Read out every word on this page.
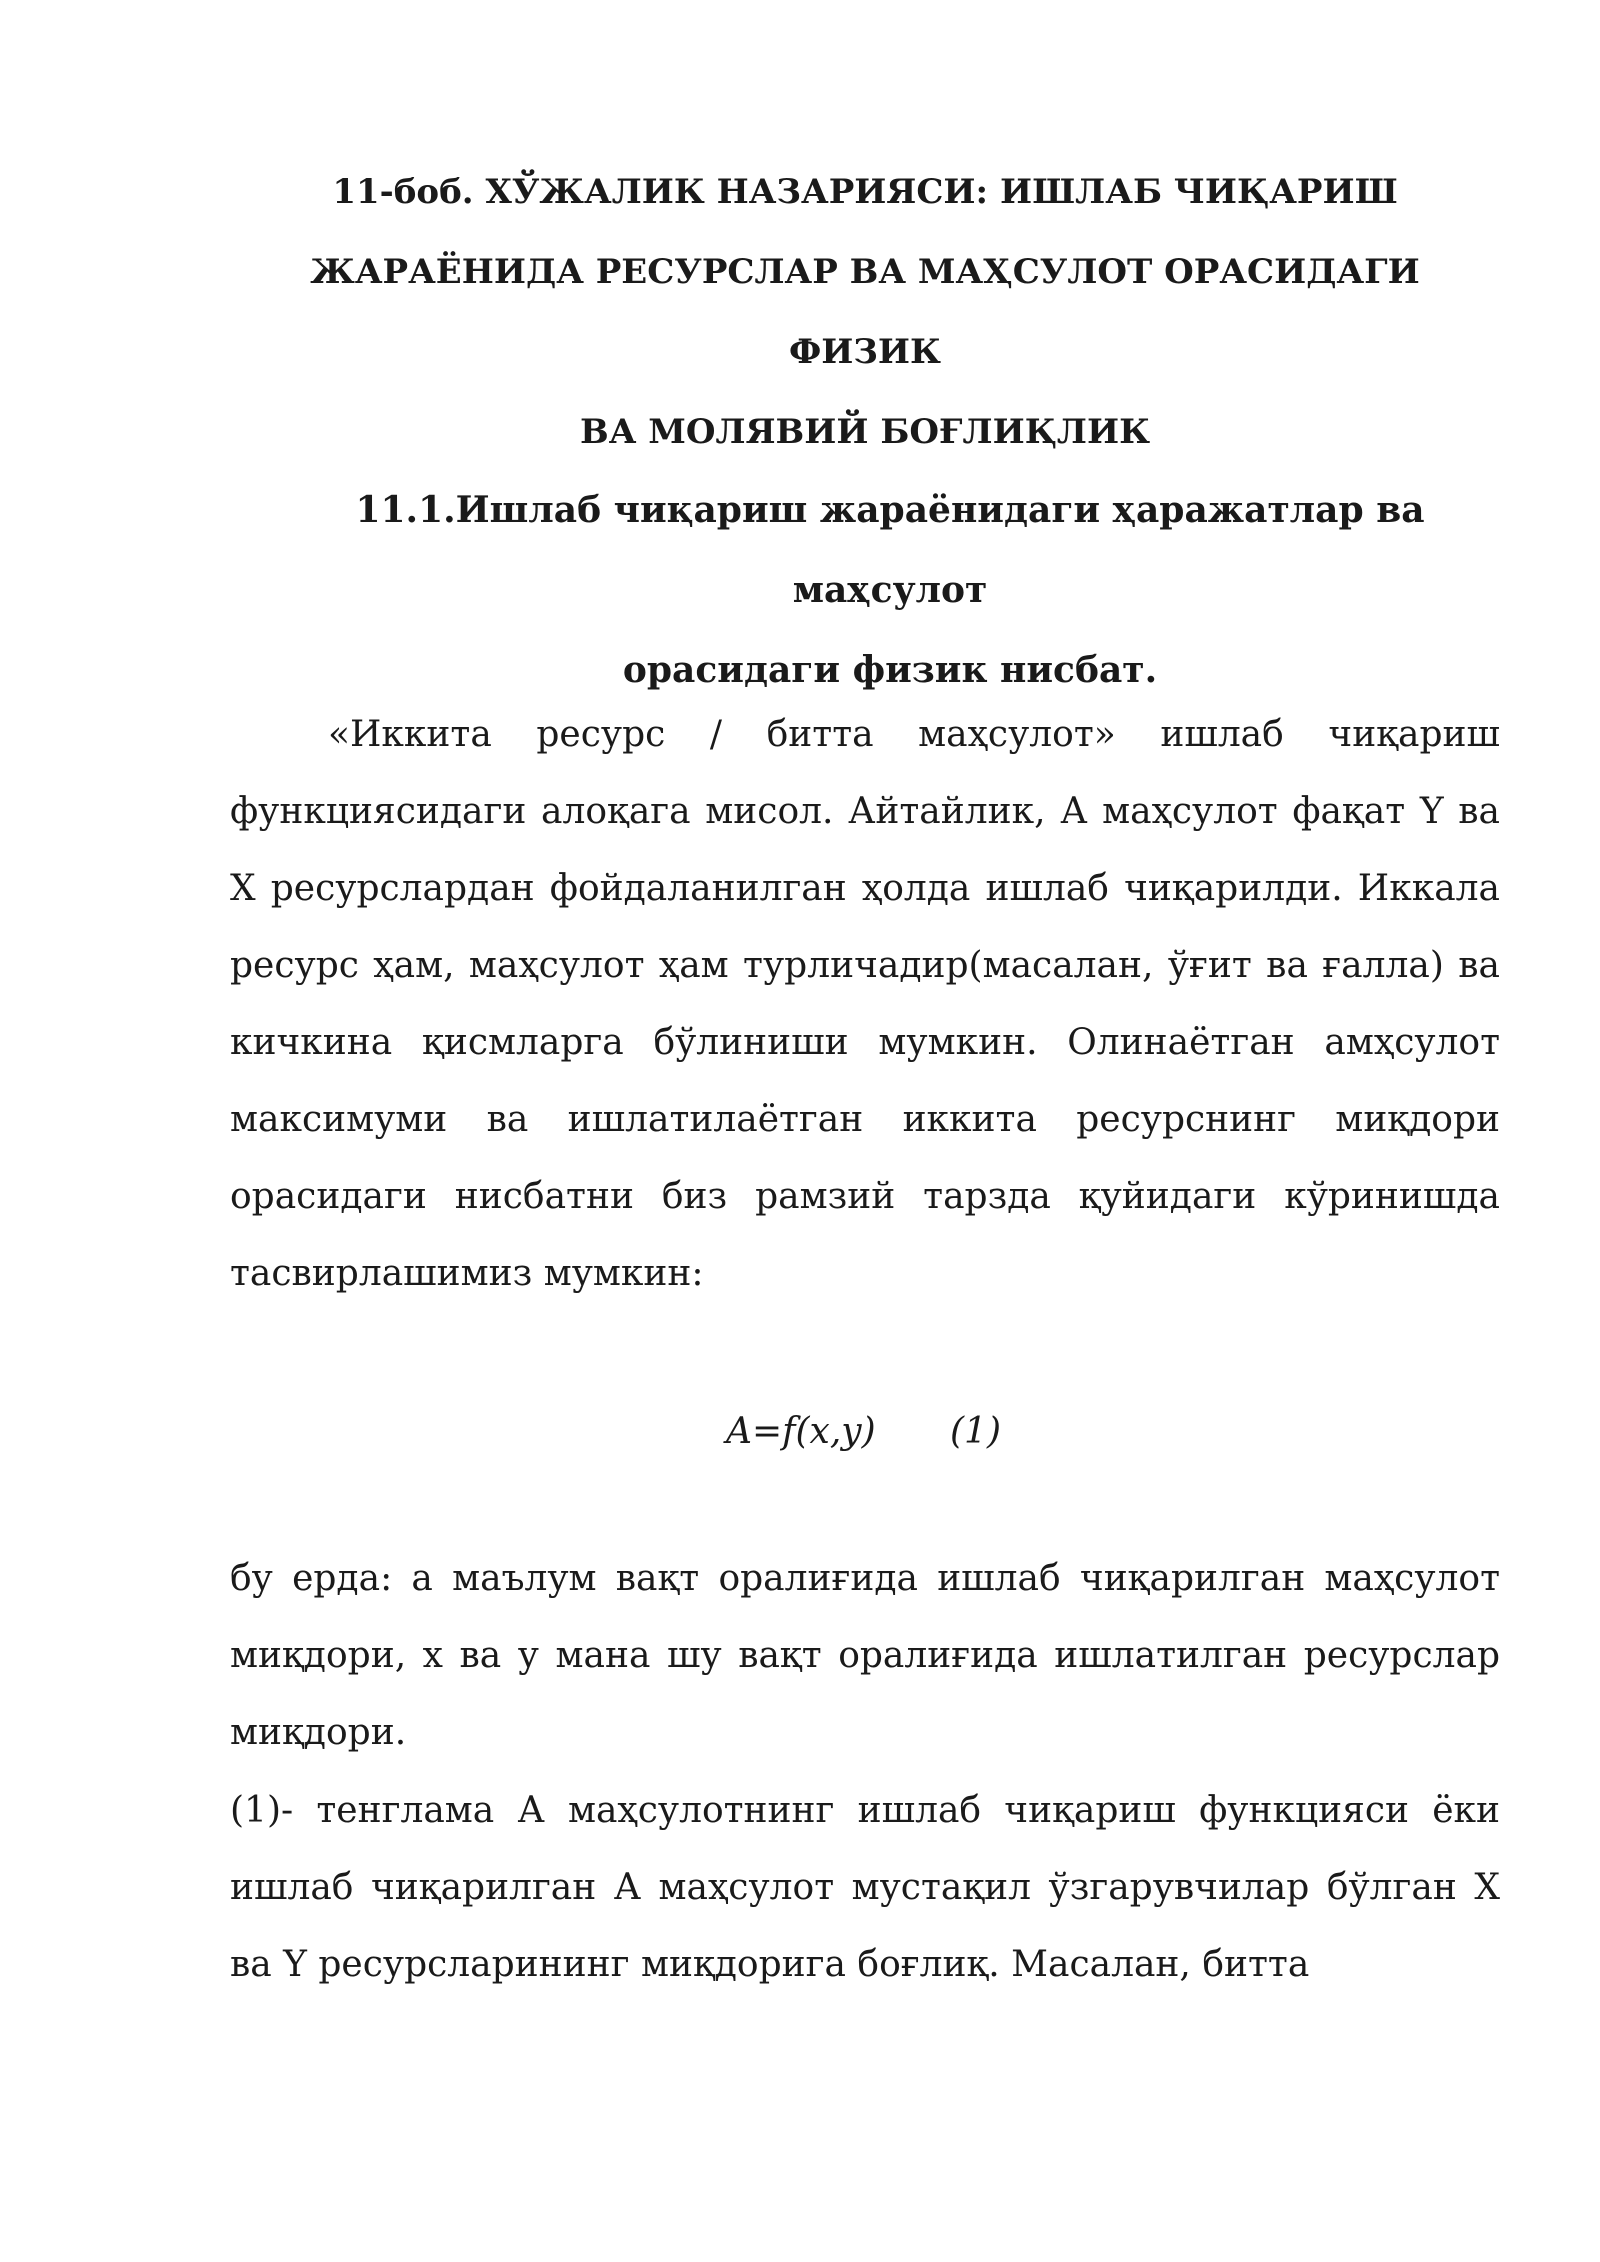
11-боб. ХЎЖАЛИК НАЗАРИЯСИ: ИШЛАБ ЧИҚАРИШ
ЖАРАЁНИДА РЕСУРСЛАР ВА МАҲСУЛОТ ОРАСИДАГИ ФИЗИК
ВА МОЛЯВИЙ БОҒЛИҚЛИК
11.1.Ишлаб чиқариш жараёнидаги ҳаражатлар ва маҳсулот
орасидаги физик нисбат.

«Иккита ресурс / битта маҳсулот» ишлаб чиқариш функциясидаги алоқага мисол. Айтайлик, А маҳсулот фақат Y ва X ресурслардан фойдаланилган ҳолда ишлаб чиқарилди. Иккала ресурс ҳам, маҳсулот ҳам турличадир(масалан, ўғит ва ғалла) ва кичкина қисмларга бўлиниши мумкин. Олинаётган амҳсулот максимуми ва ишлатилаётган иккита ресурснинг миқдори орасидаги нисбатни биз рамзий тарзда қуйидаги кўринишда тасвирлашимиз мумкин:

A=f(x,y) (1)

бу ерда: а маълум вақт оралиғида ишлаб чиқарилган маҳсулот миқдори, х ва у мана шу вақт оралиғида ишлатилган ресурслар миқдори.

(1)- тенглама А маҳсулотнинг ишлаб чиқариш функцияси ёки ишлаб чиқарилган А маҳсулот мустақил ўзгарувчилар бўлган Х ва Y ресурсларининг миқдорига боғлиқ. Масалан, битта
